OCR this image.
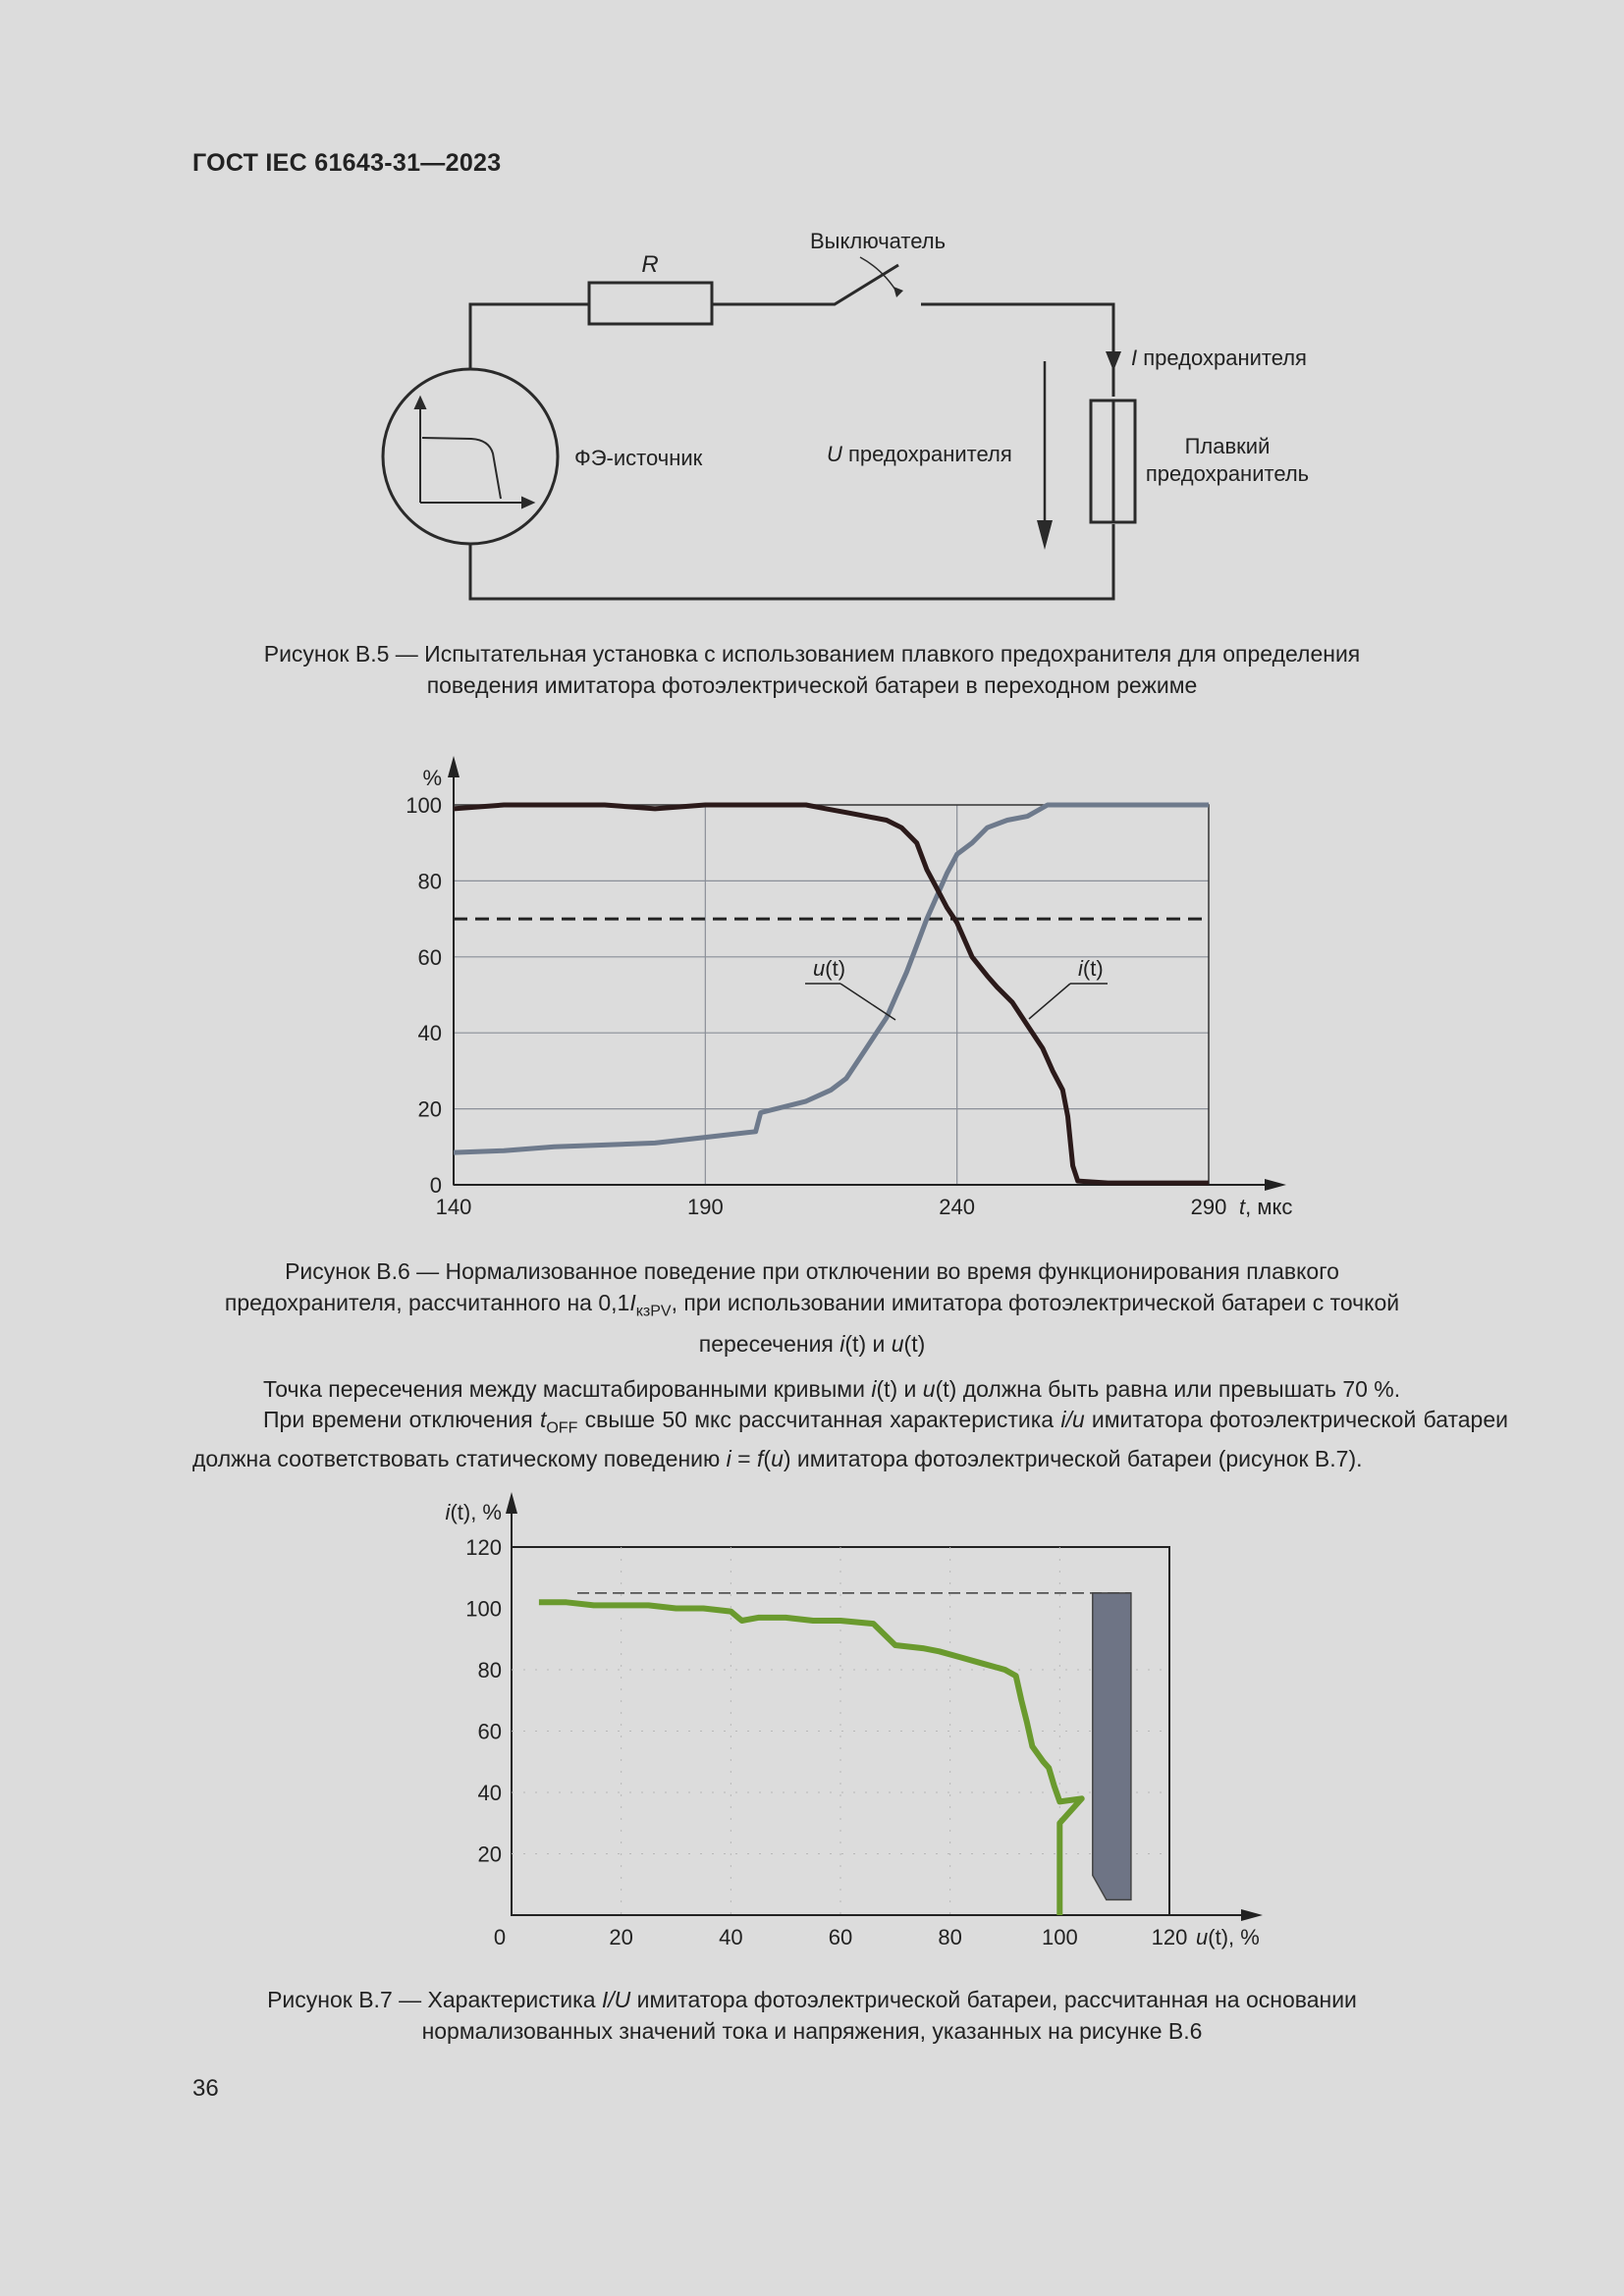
ГОСТ IEC 61643-31—2023
R
Выключатель
I предохранителя
ФЭ-источник	U предохранителя	Плавкий
предохранитель
Рисунок В.5 — Испытательная установка с использованием плавкого предохранителя для определения
поведения имитатора фотоэлектрической батареи в переходном режиме
0
20
40
60
80
100
140	190	240	290
%
t, мкс
u(t)	i(t)
Рисунок В.6 — Нормализованное поведение при отключении во время функционирования плавкого
предохранителя, рассчитанного на $0,1I_{кзPV}$, при использовании имитатора фотоэлектрической батареи с точкой
пересечения i(t) и u(t)
Точка пересечения между масштабированными кривыми i(t) и u(t) должна быть равна или превышать 70 %.
При времени отключения $t_{OFF}$ свыше 50 мкс рассчитанная характеристика i/u имитатора фотоэлектрической батареи должна соответствовать статическому поведению i = f(u) имитатора фотоэлектрической батареи (рисунок В.7).
20
40
60
80
100
120
0	20	40	60	80	100	120
i(t), %
u(t), %
Рисунок В.7 — Характеристика I/U имитатора фотоэлектрической батареи, рассчитанная на основании
нормализованных значений тока и напряжения, указанных на рисунке В.6
36
